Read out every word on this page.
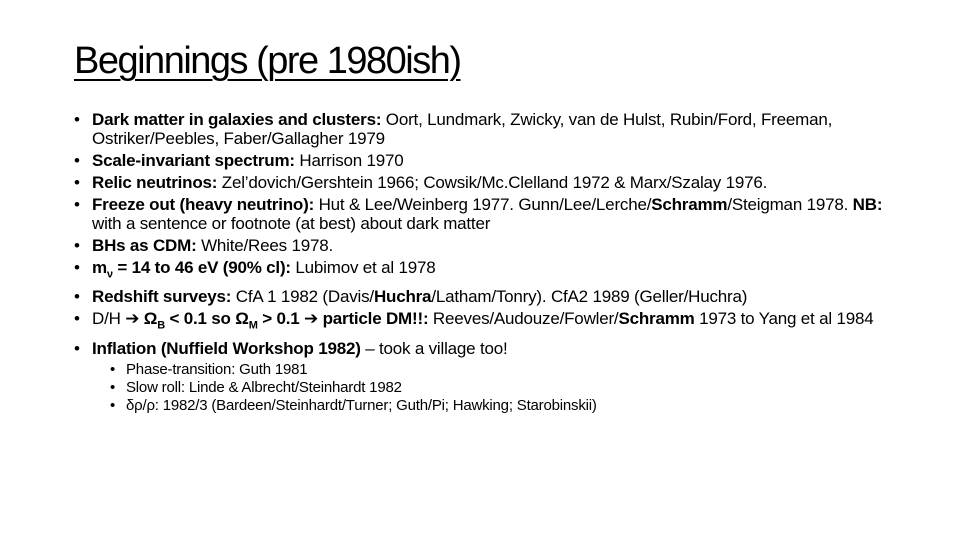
Beginnings (pre 1980ish)
• Dark matter in galaxies and clusters: Oort, Lundmark, Zwicky, van de Hulst, Rubin/Ford, Freeman, Ostriker/Peebles, Faber/Gallagher 1979
• Scale-invariant spectrum: Harrison 1970
• Relic neutrinos: Zel’dovich/Gershtein 1966; Cowsik/Mc.Clelland 1972 & Marx/Szalay 1976.
• Freeze out (heavy neutrino): Hut & Lee/Weinberg 1977. Gunn/Lee/Lerche/Schramm/Steigman 1978. NB: with a sentence or footnote (at best) about dark matter
• BHs as CDM: White/Rees 1978.
• $m_\nu = 14$ to 46 eV (90% cl): Lubimov et al 1978
• Redshift surveys: CfA 1 1982 (Davis/Huchra/Latham/Tonry). CfA2 1989 (Geller/Huchra)
• D/H ➔ $\Omega_B < 0.1$ so $\Omega_M > 0.1$ ➔ particle DM!!: Reeves/Audouze/Fowler/Schramm 1973 to Yang et al 1984
• Inflation (Nuffield Workshop 1982) – took a village too!
• Phase-transition: Guth 1981
• Slow roll: Linde & Albrecht/Steinhardt 1982
• δρ/ρ: 1982/3 (Bardeen/Steinhardt/Turner; Guth/Pi; Hawking; Starobinskii)
